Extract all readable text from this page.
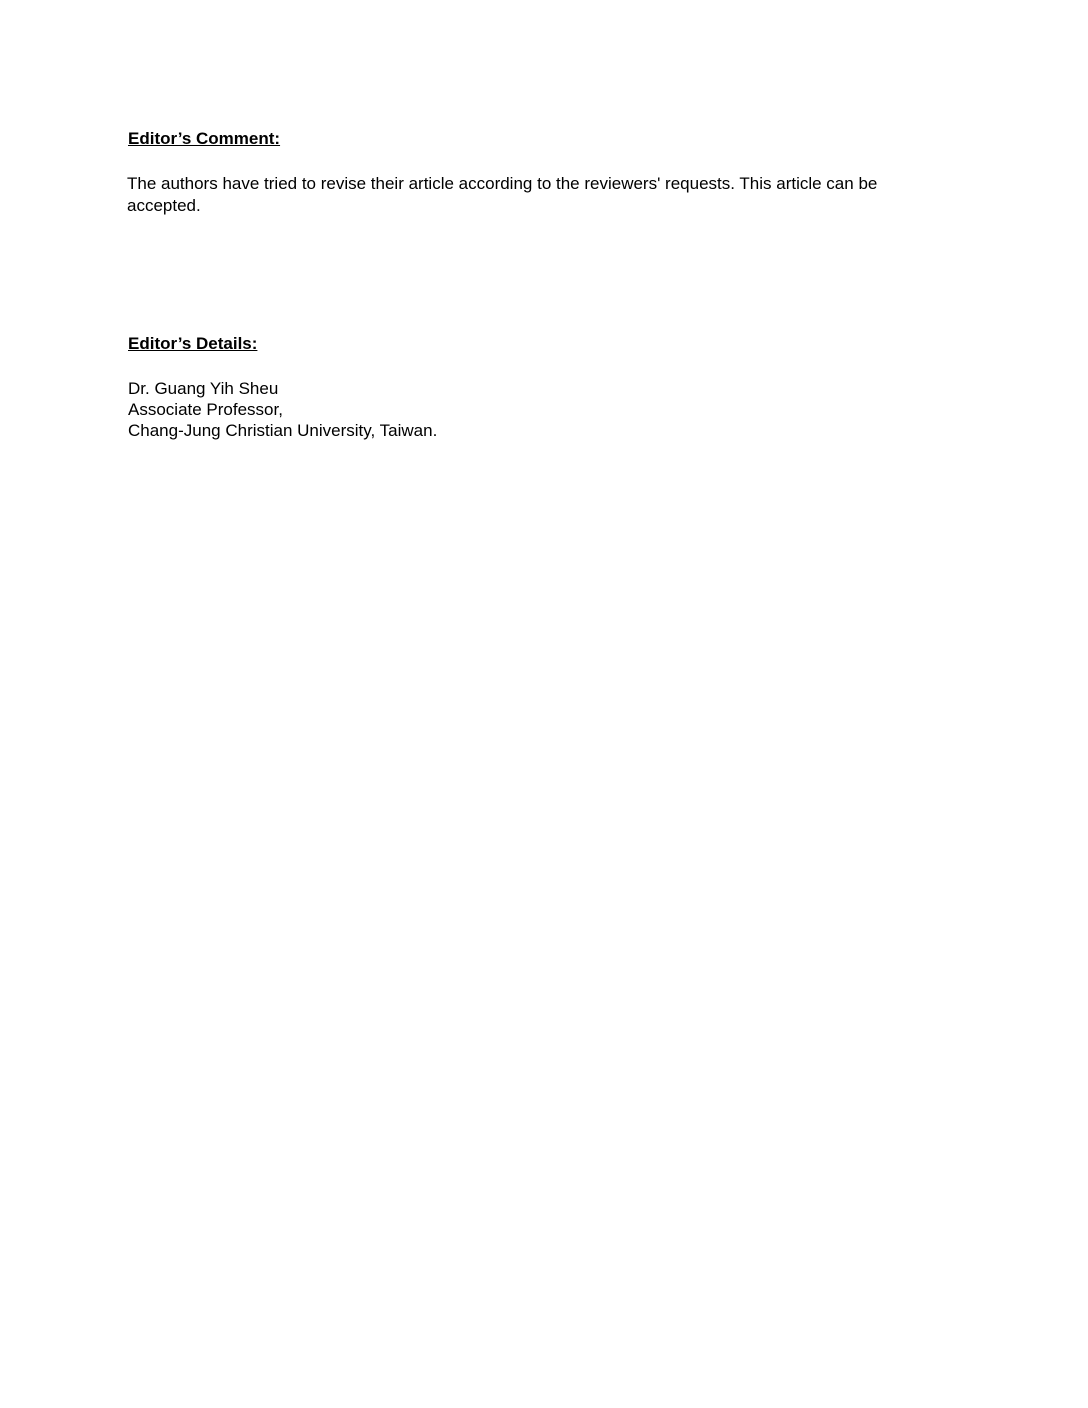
Editor’s Comment:

The authors have tried to revise their article according to the reviewers' requests. This article can be accepted.

Editor’s Details:
Dr. Guang Yih Sheu
Associate Professor,
Chang-Jung Christian University, Taiwan.
